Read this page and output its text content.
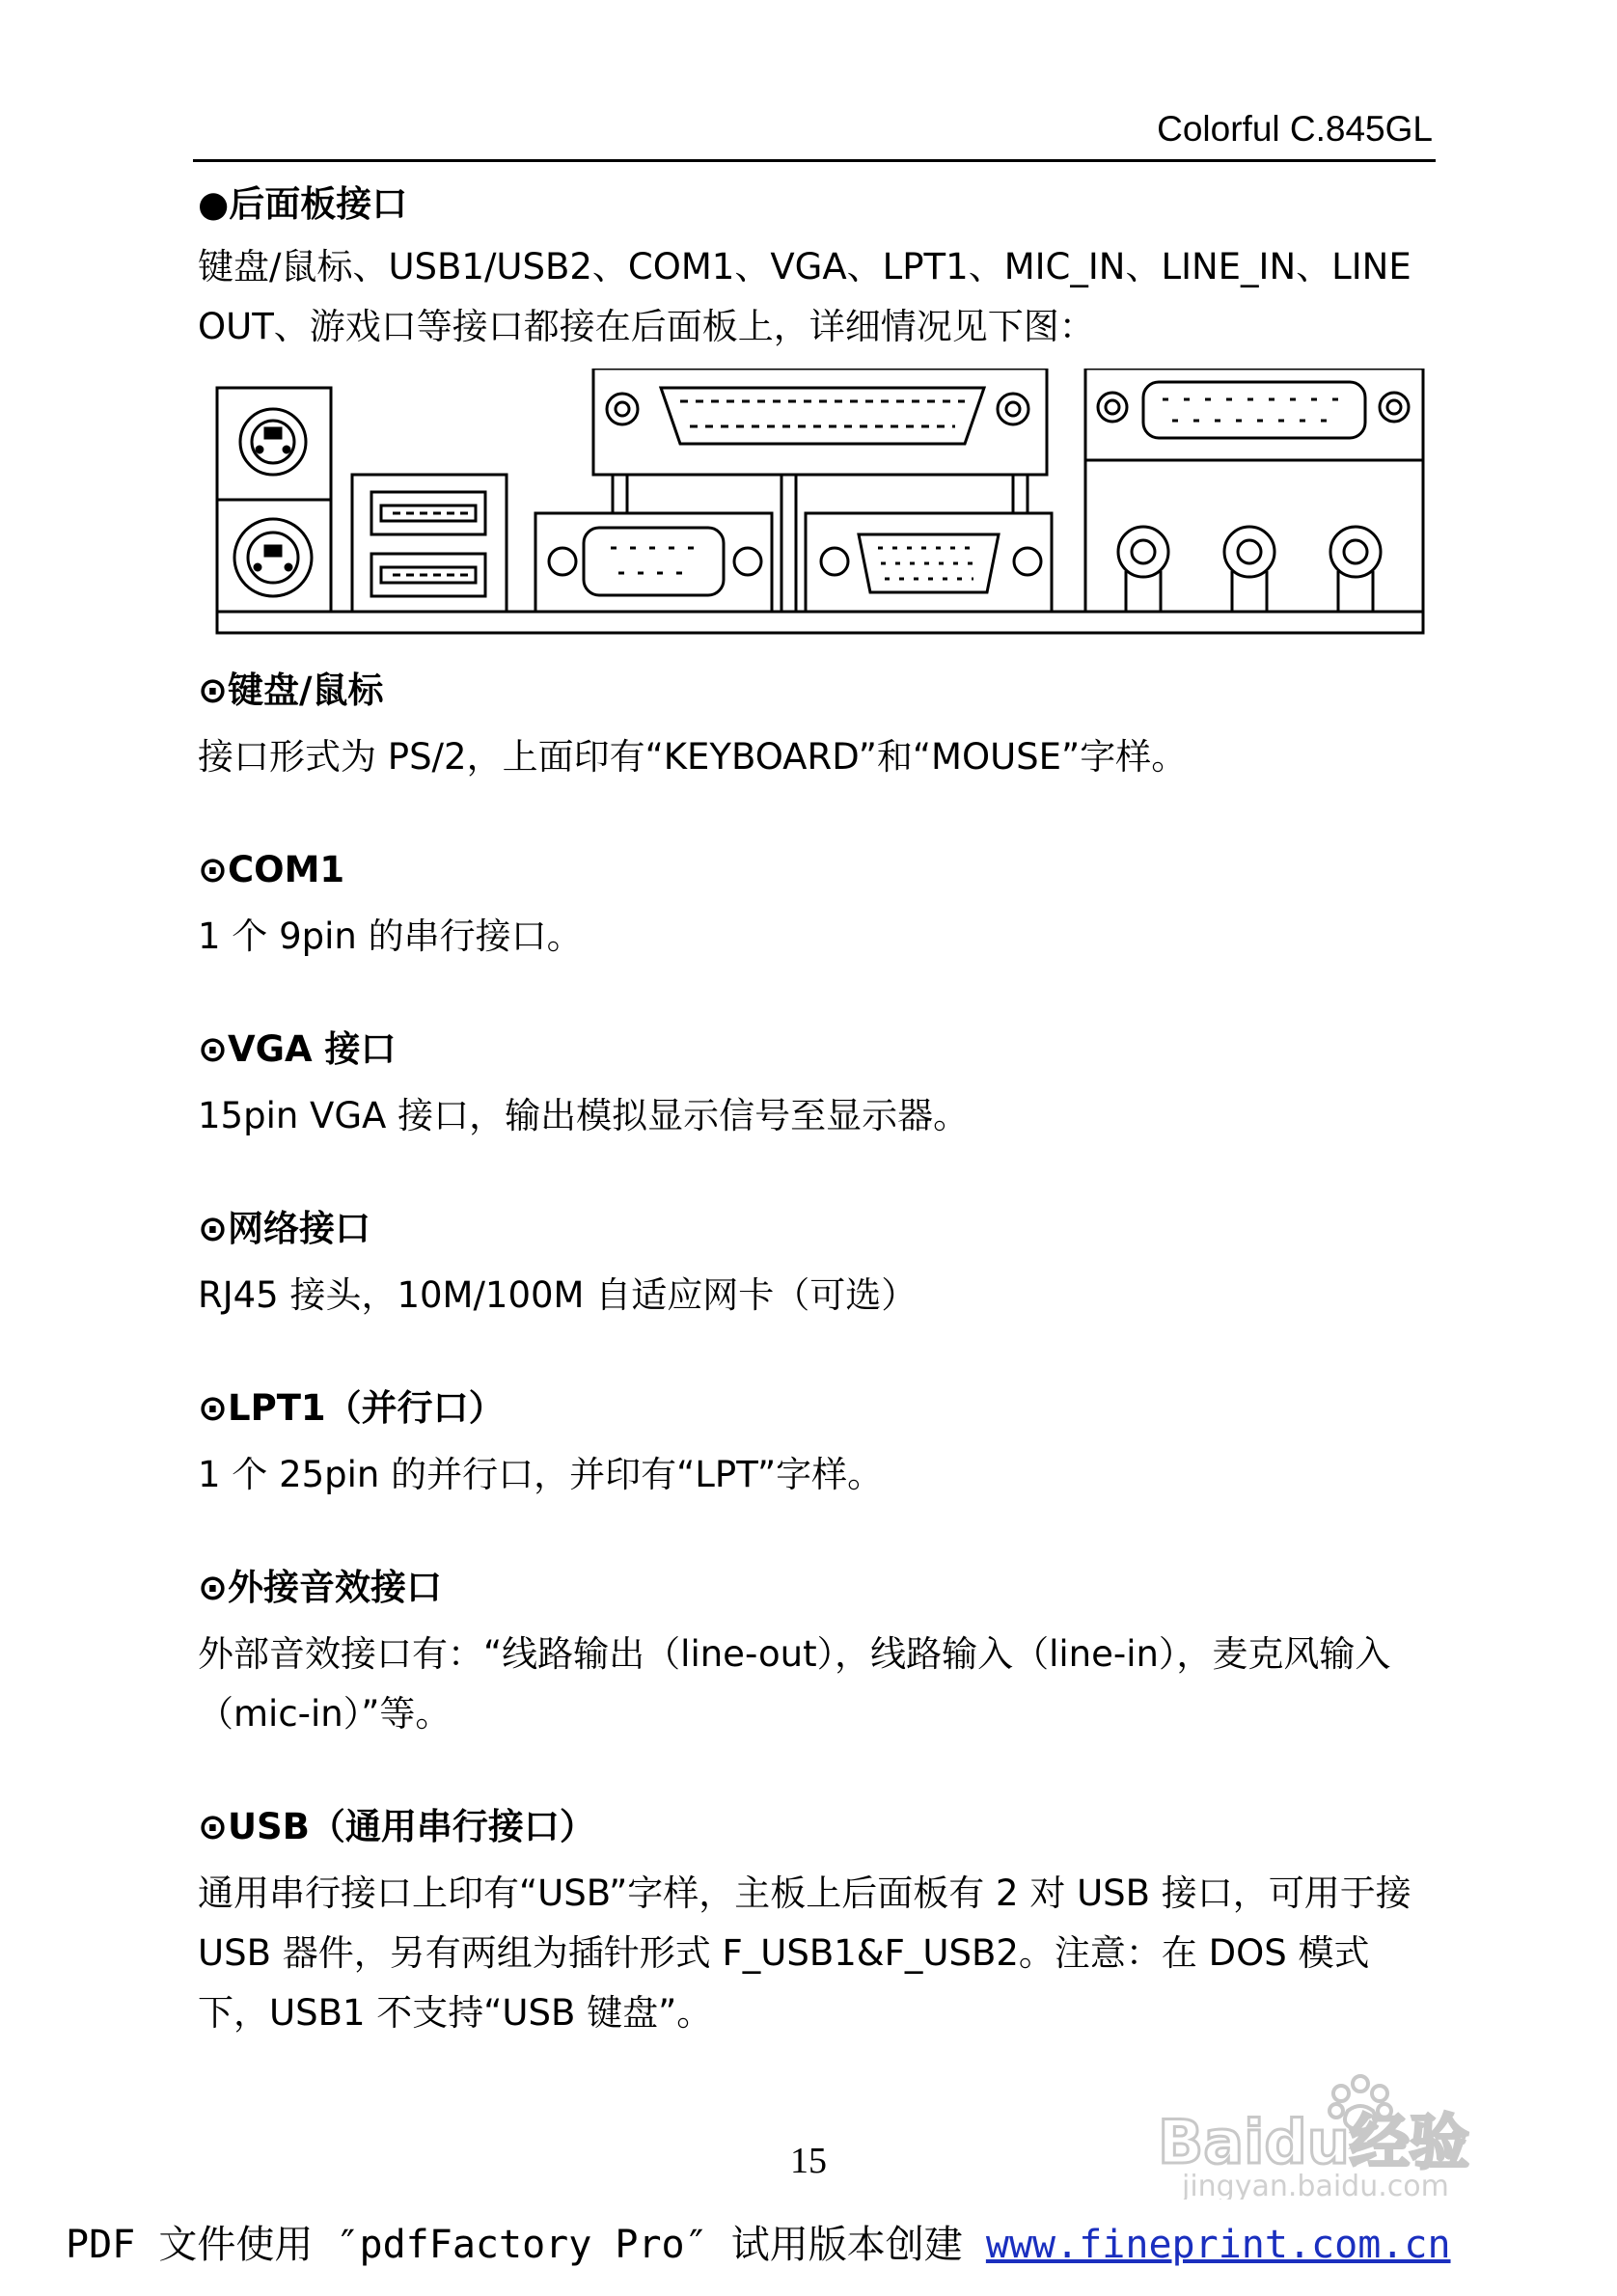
Colorful C.845GL

●后面板接口

键盘/鼠标、USB1/USB2、COM1、VGA、LPT1、MIC_IN、LINE_IN、LINE OUT、游戏口等接口都接在后面板上，详细情况见下图：

⊙键盘/鼠标

接口形式为 PS/2，上面印有“KEYBOARD”和“MOUSE”字样。

⊙COM1

1 个 9pin 的串行接口。

⊙VGA 接口

15pin VGA 接口，输出模拟显示信号至显示器。

⊙网络接口

RJ45 接头，10M/100M 自适应网卡（可选）

⊙LPT1（并行口）

1 个 25pin 的并行口，并印有“LPT”字样。

⊙外接音效接口

外部音效接口有：“线路输出（line-out），线路输入（line-in），麦克风输入（mic-in）”等。

⊙USB（通用串行接口）

通用串行接口上印有“USB”字样，主板上后面板有 2 对 USB 接口，可用于接 USB 器件，另有两组为插针形式 F_USB1&F_USB2。注意：在 DOS 模式下，USB1 不支持“USB 键盘”。

Baidu经验
jingyan.baidu.com
15
PDF 文件使用 ″pdfFactory Pro″ 试用版本创建 www.fineprint.com.cn
